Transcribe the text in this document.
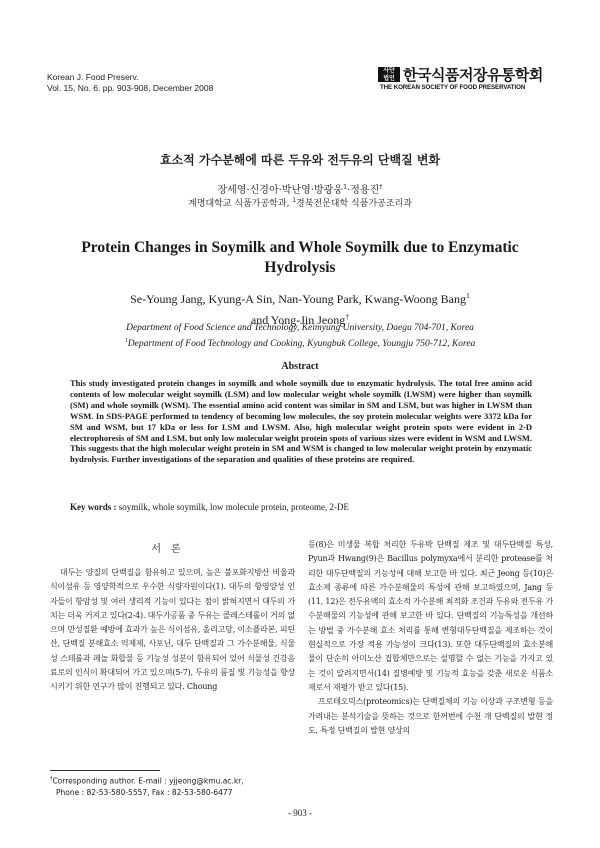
Korean J. Food Preserv.
Vol. 15, No. 6. pp. 903-908, December 2008
사단
법인 한국식품저장유통학회
THE KOREAN SOCIETY OF FOOD PRESERVATION
효소적 가수분해에 따른 두유와 전두유의 단백질 변화
장세영·신경아·박난영·방광웅$^1$·정용진†
계명대학교 식품가공학과, $^1$경북전문대학 식품가공조리과
Protein Changes in Soymilk and Whole Soymilk due to Enzymatic Hydrolysis
Se-Young Jang, Kyung-A Sin, Nan-Young Park, Kwang-Woong Bang$^1$
and Yong-Jin Jeong†
Department of Food Science and Technology, Keimyung University, Daegu 704-701, Korea
$^1$Department of Food Technology and Cooking, Kyungbuk College, Youngju 750-712, Korea
Abstract
This study investigated protein changes in soymilk and whole soymilk due to enzymatic hydrolysis. The total free amino acid contents of low molecular weight soymilk (LSM) and low molecular weight whole soymilk (LWSM) were higher than soymilk (SM) and whole soymilk (WSM). The essential amino acid content was similar in SM and LSM, but was higher in LWSM than WSM. In SDS-PAGE performed to tendency of becoming low molecules, the soy protein molecular weights were 3372 kDa for SM and WSM, but 17 kDa or less for LSM and LWSM. Also, high molecular weight protein spots were evident in 2-D electrophoresis of SM and LSM, but only low molecular weight protein spots of various sizes were evident in WSM and LWSM. This suggests that the high molecular weight protein in SM and WSM is changed to low molecular weight protein by enzymatic hydrolysis. Further investigations of the separation and qualities of these proteins are required.
Key words : soymilk, whole soymilk, low molecule protein, proteome, 2-DE
서론

대두는 양질의 단백질을 함유하고 있으며, 높은 불포화지방산 비율과 식이섬유 등 영양학적으로 우수한 식량자원이다(1). 대두의 항영양성 인자들이 항암성 및 여러 생리적 기능이 있다는 점이 밝혀지면서 대두의 가치는 더욱 커지고 있다(2-4). 대두가공품 중 두유는 콜레스테롤이 거의 없으며 만성질환 예방에 효과가 높은 식이섬유, 올리고당, 이소플라본, 피틴산, 단백질 분해효소 억제제, 사포닌, 대두 단백질과 그 가수분해물, 식물성 스테롤과 페놀 화합물 등 기능성 성분이 함유되어 있어 식물성 건강음료로의 인식이 확대되어 가고 있으며(5-7), 두유의 품질 및 기능성을 향상시키기 위한 연구가 많이 진행되고 있다. Choung

등(8)은 미생물 복합 처리한 두유박 단백질 제조 및 대두단백질 특성, Pyun과 Hwang(9)은 Bacillus polymyxa에서 분리한 protease를 처리한 대두단백질의 기능성에 대해 보고한 바 있다. 최근 Jeong 등(10)은 효소제 종류에 따른 가수분해물의 특성에 관해 보고하였으며, Jang 등(11, 12)은 전두유액의 효소적 가수분해 최적화 조건과 두유와 전두유 가수분해물의 기능성에 관해 보고한 바 있다. 단백질의 기능특성을 개선하는 방법 중 가수분해 효소 처리를 통해 변형대두단백질을 제조하는 것이 현실적으로 가장 적용 가능성이 크다(13). 또한 대두단백질의 효소분해물이 단순히 아미노산 집합체만으로는 설명할 수 없는 기능을 가지고 있는 것이 알려지면서(14) 질병예방 및 기능적 효능을 갖춘 새로운 식품소재로서 재평가 받고 있다(15).

프로테오믹스(proteomics)는 단백질체의 기능 이상과 구조변형 등을 가려내는 분석기술을 뜻하는 것으로 한꺼번에 수천 개 단백질의 발현 정도, 특정 단백질의 발현 양상의

†Corresponding author. E-mail : yjjeong@kmu.ac.kr,
Phone : 82-53-580-5557, Fax : 82-53-580-6477
- 903 -
